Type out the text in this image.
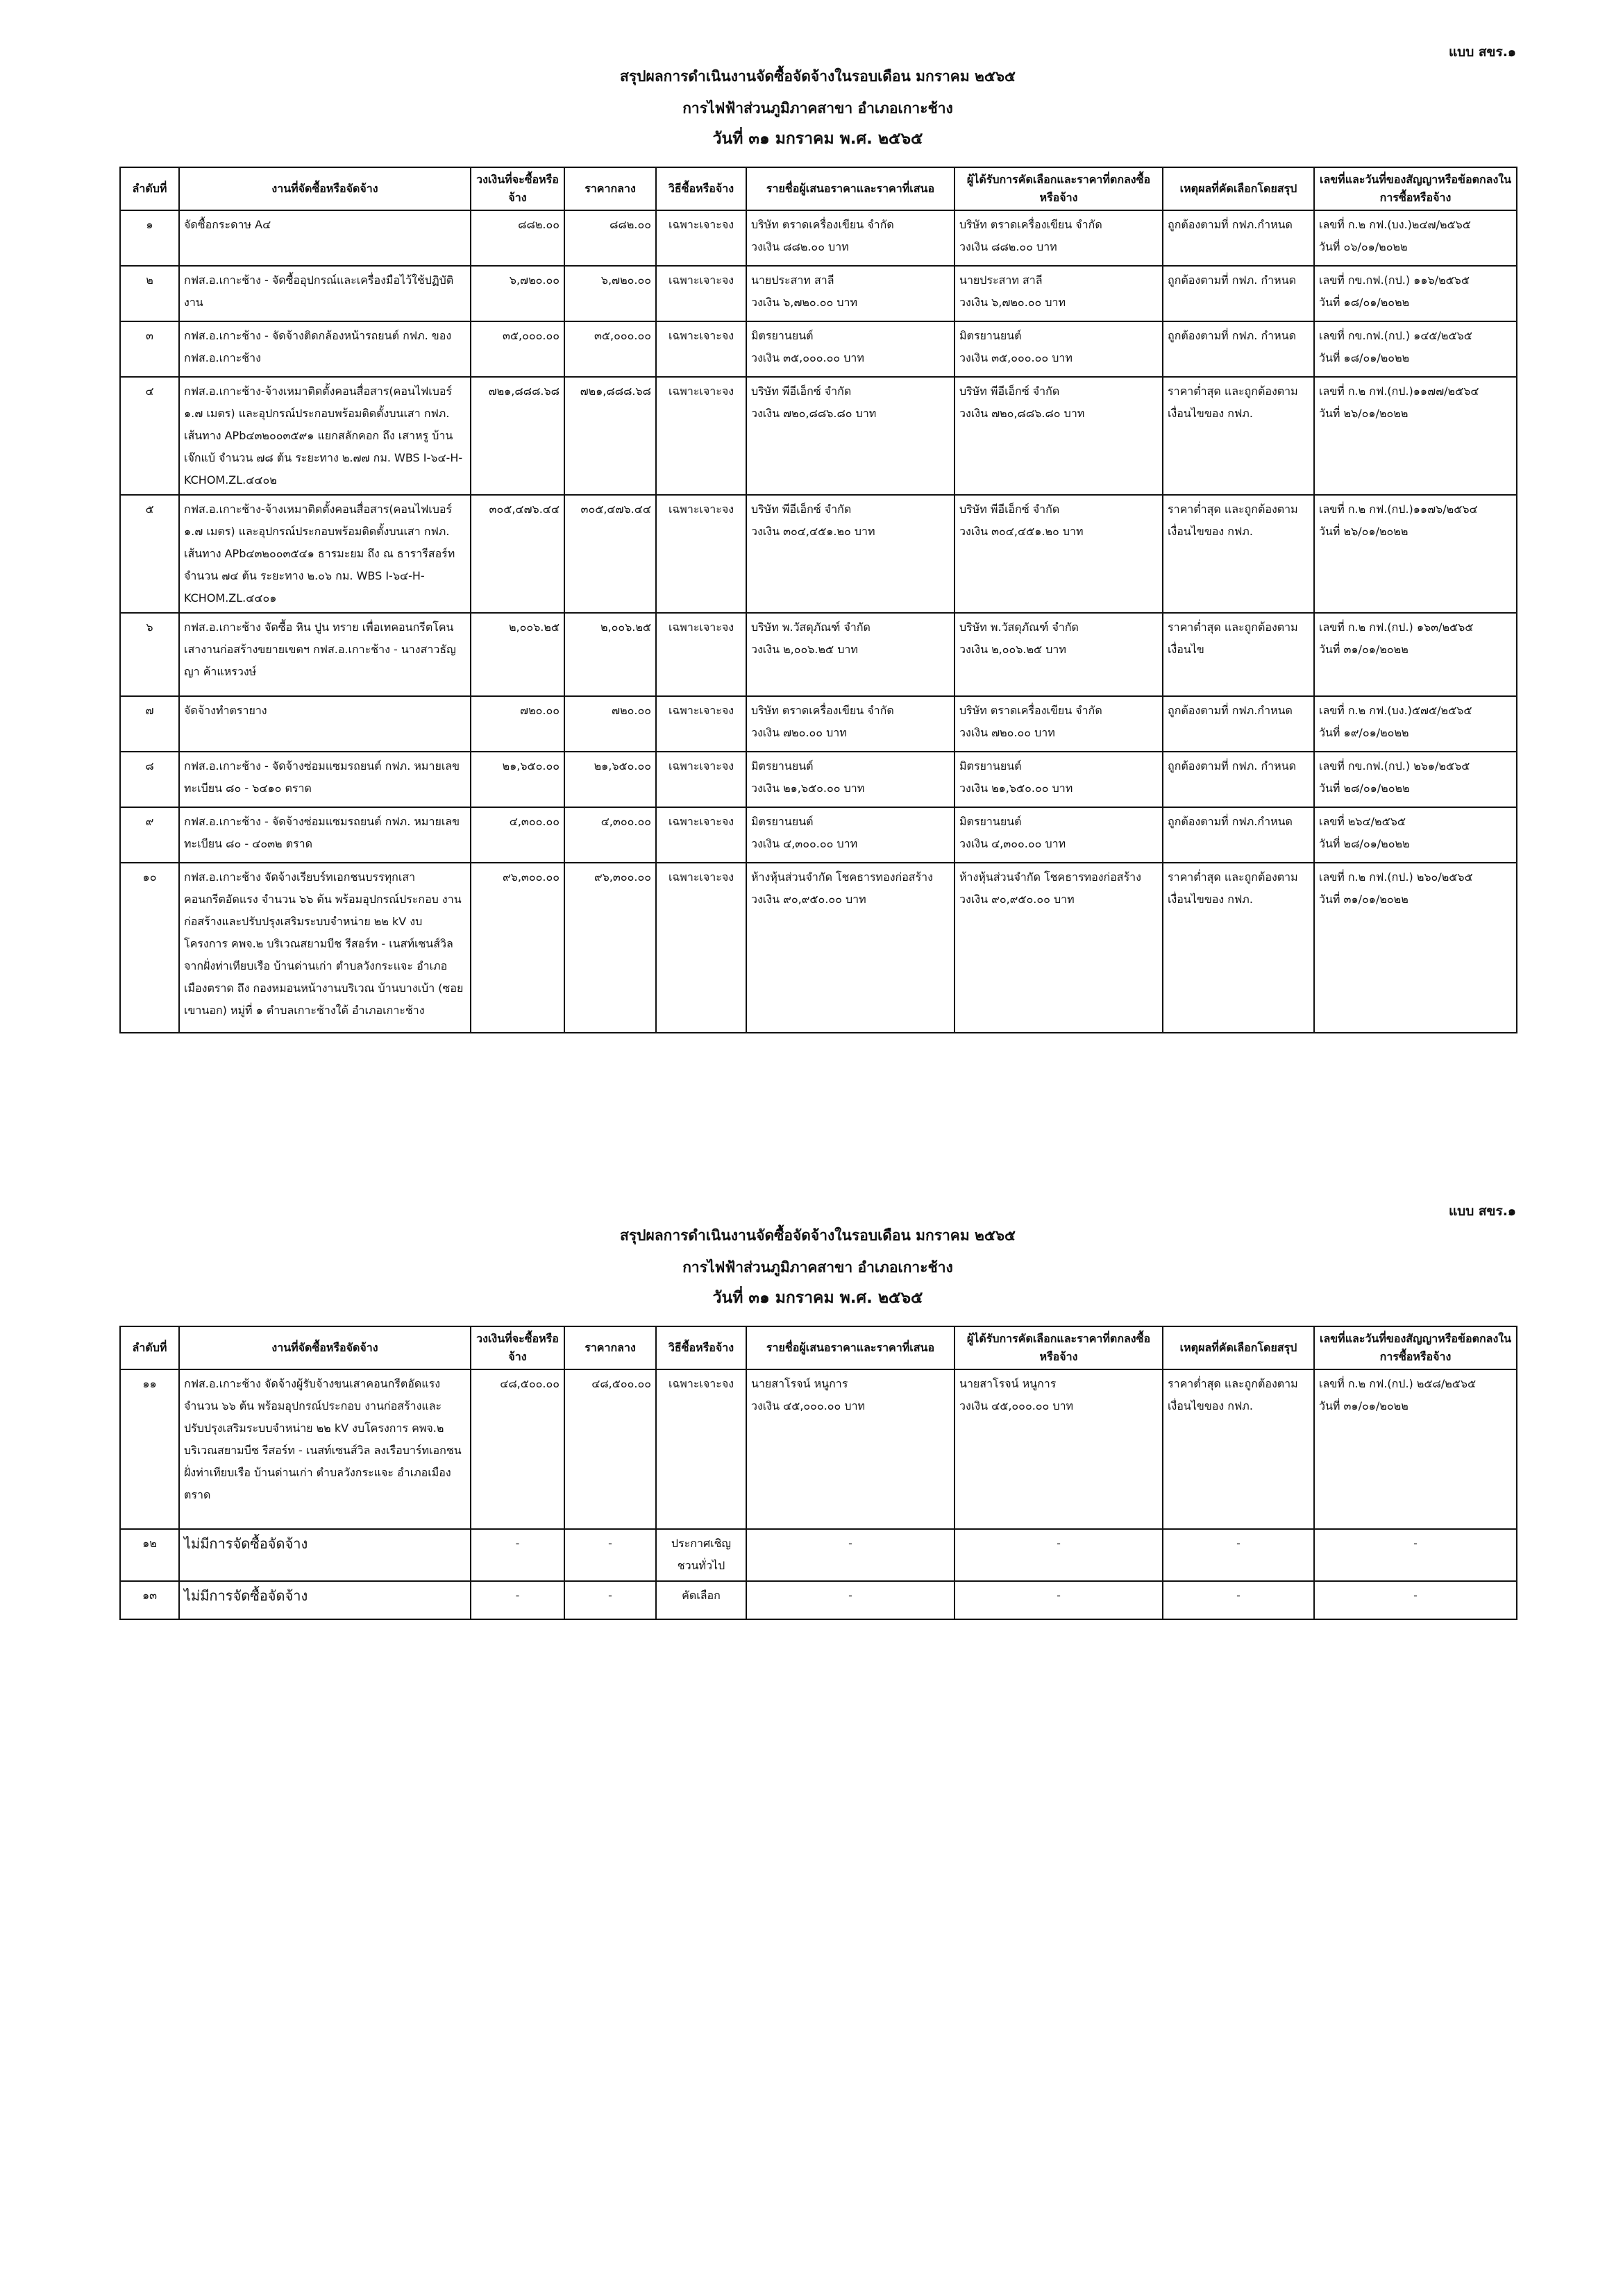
แบบ สขร.๑
สรุปผลการดำเนินงานจัดซื้อจัดจ้างในรอบเดือน มกราคม ๒๕๖๕
การไฟฟ้าส่วนภูมิภาคสาขา อำเภอเกาะช้าง
วันที่ ๓๑ มกราคม พ.ศ. ๒๕๖๕
ลำดับที่	งานที่จัดซื้อหรือจัดจ้าง	วงเงินที่จะซื้อหรือจ้าง	ราคากลาง	วิธีซื้อหรือจ้าง	รายชื่อผู้เสนอราคาและราคาที่เสนอ	ผู้ได้รับการคัดเลือกและราคาที่ตกลงซื้อหรือจ้าง	เหตุผลที่คัดเลือกโดยสรุป	เลขที่และวันที่ของสัญญาหรือข้อตกลงในการซื้อหรือจ้าง
๑	จัดซื้อกระดาษ A๔	๘๘๒.๐๐	๘๘๒.๐๐	เฉพาะเจาะจง	บริษัท ตราดเครื่องเขียน จำกัด
วงเงิน ๘๘๒.๐๐ บาท	บริษัท ตราดเครื่องเขียน จำกัด
วงเงิน ๘๘๒.๐๐ บาท	ถูกต้องตามที่ กฟภ.กำหนด	เลขที่ ก.๒ กฟ.(บง.)๒๔๗/๒๕๖๕
วันที่ ๐๖/๐๑/๒๐๒๒

๒	กฟส.อ.เกาะช้าง - จัดซื้ออุปกรณ์และเครื่องมือไว้ใช้ปฏิบัติงาน	๖,๗๒๐.๐๐	๖,๗๒๐.๐๐	เฉพาะเจาะจง	นายประสาท สาลี
วงเงิน ๖,๗๒๐.๐๐ บาท	นายประสาท สาลี
วงเงิน ๖,๗๒๐.๐๐ บาท	ถูกต้องตามที่ กฟภ. กำหนด	เลขที่ กข.กฟ.(กป.) ๑๑๖/๒๕๖๕
วันที่ ๑๘/๐๑/๒๐๒๒

๓	กฟส.อ.เกาะช้าง - จัดจ้างติดกล้องหน้ารถยนต์ กฟภ. ของ กฟส.อ.เกาะช้าง	๓๕,๐๐๐.๐๐	๓๕,๐๐๐.๐๐	เฉพาะเจาะจง	มิตรยานยนต์
วงเงิน ๓๕,๐๐๐.๐๐ บาท	มิตรยานยนต์
วงเงิน ๓๕,๐๐๐.๐๐ บาท	ถูกต้องตามที่ กฟภ. กำหนด	เลขที่ กข.กฟ.(กป.) ๑๔๕/๒๕๖๕
วันที่ ๑๘/๐๑/๒๐๒๒

๔	กฟส.อ.เกาะช้าง-จ้างเหมาติดตั้งคอนสื่อสาร(คอนไฟเบอร์ ๑.๗ เมตร) และอุปกรณ์ประกอบพร้อมติดตั้งบนเสา กฟภ. เส้นทาง APb๔๓๒๐๐๓๕๙๑ แยกสลักคอก ถึง เสาหรู บ้านเจ๊กแบ้ จำนวน ๗๘ ต้น ระยะทาง ๒.๗๗ กม. WBS I-๖๔-H-KCHOM.ZL.๔๔๐๒	๗๒๑,๘๘๘.๖๘	๗๒๑,๘๘๘.๖๘	เฉพาะเจาะจง	บริษัท พีอีเอ็กซ์ จำกัด
วงเงิน ๗๒๐,๘๘๖.๘๐ บาท	บริษัท พีอีเอ็กซ์ จำกัด
วงเงิน ๗๒๐,๘๘๖.๘๐ บาท	ราคาต่ำสุด และถูกต้องตาม
เงื่อนไขของ กฟภ.	เลขที่ ก.๒ กฟ.(กป.)๑๑๗๗/๒๕๖๔
วันที่ ๒๖/๐๑/๒๐๒๒

๕	กฟส.อ.เกาะช้าง-จ้างเหมาติดตั้งคอนสื่อสาร(คอนไฟเบอร์ ๑.๗ เมตร) และอุปกรณ์ประกอบพร้อมติดตั้งบนเสา กฟภ. เส้นทาง APb๔๓๒๐๐๓๕๔๑ ธารมะยม ถึง ณ ธารารีสอร์ท จำนวน ๗๔ ต้น ระยะทาง ๒.๐๖ กม. WBS I-๖๔-H-KCHOM.ZL.๔๔๐๑	๓๐๕,๔๗๖.๔๔	๓๐๕,๔๗๖.๔๔	เฉพาะเจาะจง	บริษัท พีอีเอ็กซ์ จำกัด
วงเงิน ๓๐๔,๔๕๑.๒๐ บาท	บริษัท พีอีเอ็กซ์ จำกัด
วงเงิน ๓๐๔,๔๕๑.๒๐ บาท	ราคาต่ำสุด และถูกต้องตาม
เงื่อนไขของ กฟภ.	เลขที่ ก.๒ กฟ.(กป.)๑๑๗๖/๒๕๖๔
วันที่ ๒๖/๐๑/๒๐๒๒

๖	กฟส.อ.เกาะช้าง จัดซื้อ หิน ปูน ทราย เพื่อเทคอนกรีตโคนเสางานก่อสร้างขยายเขตฯ กฟส.อ.เกาะช้าง - นางสาวธัญญา ค้าแหรวงษ์	๒,๐๐๖.๒๕	๒,๐๐๖.๒๕	เฉพาะเจาะจง	บริษัท พ.วัสดุภัณฑ์ จำกัด
วงเงิน ๒,๐๐๖.๒๕ บาท	บริษัท พ.วัสดุภัณฑ์ จำกัด
วงเงิน ๒,๐๐๖.๒๕ บาท	ราคาต่ำสุด และถูกต้องตาม
เงื่อนไข	เลขที่ ก.๒ กฟ.(กป.) ๑๖๓/๒๕๖๕
วันที่ ๓๑/๐๑/๒๐๒๒

๗	จัดจ้างทำตรายาง	๗๒๐.๐๐	๗๒๐.๐๐	เฉพาะเจาะจง	บริษัท ตราดเครื่องเขียน จำกัด
วงเงิน ๗๒๐.๐๐ บาท	บริษัท ตราดเครื่องเขียน จำกัด
วงเงิน ๗๒๐.๐๐ บาท	ถูกต้องตามที่ กฟภ.กำหนด	เลขที่ ก.๒ กฟ.(บง.)๕๗๕/๒๕๖๕
วันที่ ๑๙/๐๑/๒๐๒๒

๘	กฟส.อ.เกาะช้าง - จัดจ้างซ่อมแซมรถยนต์ กฟภ. หมายเลขทะเบียน ๘๐ - ๖๔๑๐ ตราด	๒๑,๖๕๐.๐๐	๒๑,๖๕๐.๐๐	เฉพาะเจาะจง	มิตรยานยนต์
วงเงิน ๒๑,๖๕๐.๐๐ บาท	มิตรยานยนต์
วงเงิน ๒๑,๖๕๐.๐๐ บาท	ถูกต้องตามที่ กฟภ. กำหนด	เลขที่ กข.กฟ.(กป.) ๒๖๑/๒๕๖๕
วันที่ ๒๘/๐๑/๒๐๒๒

๙	กฟส.อ.เกาะช้าง - จัดจ้างซ่อมแซมรถยนต์ กฟภ. หมายเลขทะเบียน ๘๐ - ๔๐๓๒ ตราด	๔,๓๐๐.๐๐	๔,๓๐๐.๐๐	เฉพาะเจาะจง	มิตรยานยนต์
วงเงิน ๔,๓๐๐.๐๐ บาท	มิตรยานยนต์
วงเงิน ๔,๓๐๐.๐๐ บาท	ถูกต้องตามที่ กฟภ.กำหนด	เลขที่ ๒๖๔/๒๕๖๕
วันที่ ๒๘/๐๑/๒๐๒๒

๑๐	กฟส.อ.เกาะช้าง จัดจ้างเรียบร์ทเอกชนบรรทุกเสาคอนกรีตอัดแรง จำนวน ๖๖ ต้น พร้อมอุปกรณ์ประกอบ งานก่อสร้างและปรับปรุงเสริมระบบจำหน่าย ๒๒ kV งบโครงการ คพจ.๒ บริเวณสยามบีช รีสอร์ท - เนสท์เซนส์วิล จากฝั่งท่าเทียบเรือ บ้านด่านเก่า ตำบลวังกระแจะ อำเภอเมืองตราด ถึง กองหมอนหน้างานบริเวณ บ้านบางเบ้า (ซอยเขานอก) หมู่ที่ ๑ ตำบลเกาะช้างใต้ อำเภอเกาะช้าง	๙๖,๓๐๐.๐๐	๙๖,๓๐๐.๐๐	เฉพาะเจาะจง	ห้างหุ้นส่วนจำกัด โชคธารทองก่อสร้าง
วงเงิน ๙๐,๙๕๐.๐๐ บาท	ห้างหุ้นส่วนจำกัด โชคธารทองก่อสร้าง
วงเงิน ๙๐,๙๕๐.๐๐ บาท	ราคาต่ำสุด และถูกต้องตาม
เงื่อนไขของ กฟภ.	เลขที่ ก.๒ กฟ.(กป.) ๒๖๐/๒๕๖๕
วันที่ ๓๑/๐๑/๒๐๒๒
แบบ สขร.๑
สรุปผลการดำเนินงานจัดซื้อจัดจ้างในรอบเดือน มกราคม ๒๕๖๕
การไฟฟ้าส่วนภูมิภาคสาขา อำเภอเกาะช้าง
วันที่ ๓๑ มกราคม พ.ศ. ๒๕๖๕
ลำดับที่	งานที่จัดซื้อหรือจัดจ้าง	วงเงินที่จะซื้อหรือจ้าง	ราคากลาง	วิธีซื้อหรือจ้าง	รายชื่อผู้เสนอราคาและราคาที่เสนอ	ผู้ได้รับการคัดเลือกและราคาที่ตกลงซื้อหรือจ้าง	เหตุผลที่คัดเลือกโดยสรุป	เลขที่และวันที่ของสัญญาหรือข้อตกลงในการซื้อหรือจ้าง
๑๑	กฟส.อ.เกาะช้าง จัดจ้างผู้รับจ้างขนเสาคอนกรีตอัดแรง จำนวน ๖๖ ต้น พร้อมอุปกรณ์ประกอบ งานก่อสร้างและปรับปรุงเสริมระบบจำหน่าย ๒๒ kV งบโครงการ คพจ.๒ บริเวณสยามบีช รีสอร์ท - เนสท์เซนส์วิล ลงเรือบาร์ทเอกชน ฝั่งท่าเทียบเรือ บ้านด่านเก่า ตำบลวังกระแจะ อำเภอเมืองตราด	๔๘,๕๐๐.๐๐	๔๘,๕๐๐.๐๐	เฉพาะเจาะจง	นายสาโรจน์ หนูการ
วงเงิน ๔๕,๐๐๐.๐๐ บาท	นายสาโรจน์ หนูการ
วงเงิน ๔๕,๐๐๐.๐๐ บาท	ราคาต่ำสุด และถูกต้องตาม
เงื่อนไขของ กฟภ.	เลขที่ ก.๒ กฟ.(กป.) ๒๕๘/๒๕๖๕
วันที่ ๓๑/๐๑/๒๐๒๒

๑๒	ไม่มีการจัดซื้อจัดจ้าง	-	-	ประกาศเชิญชวนทั่วไป	-	-	-	-

๑๓	ไม่มีการจัดซื้อจัดจ้าง	-	-	คัดเลือก	-	-	-	-
